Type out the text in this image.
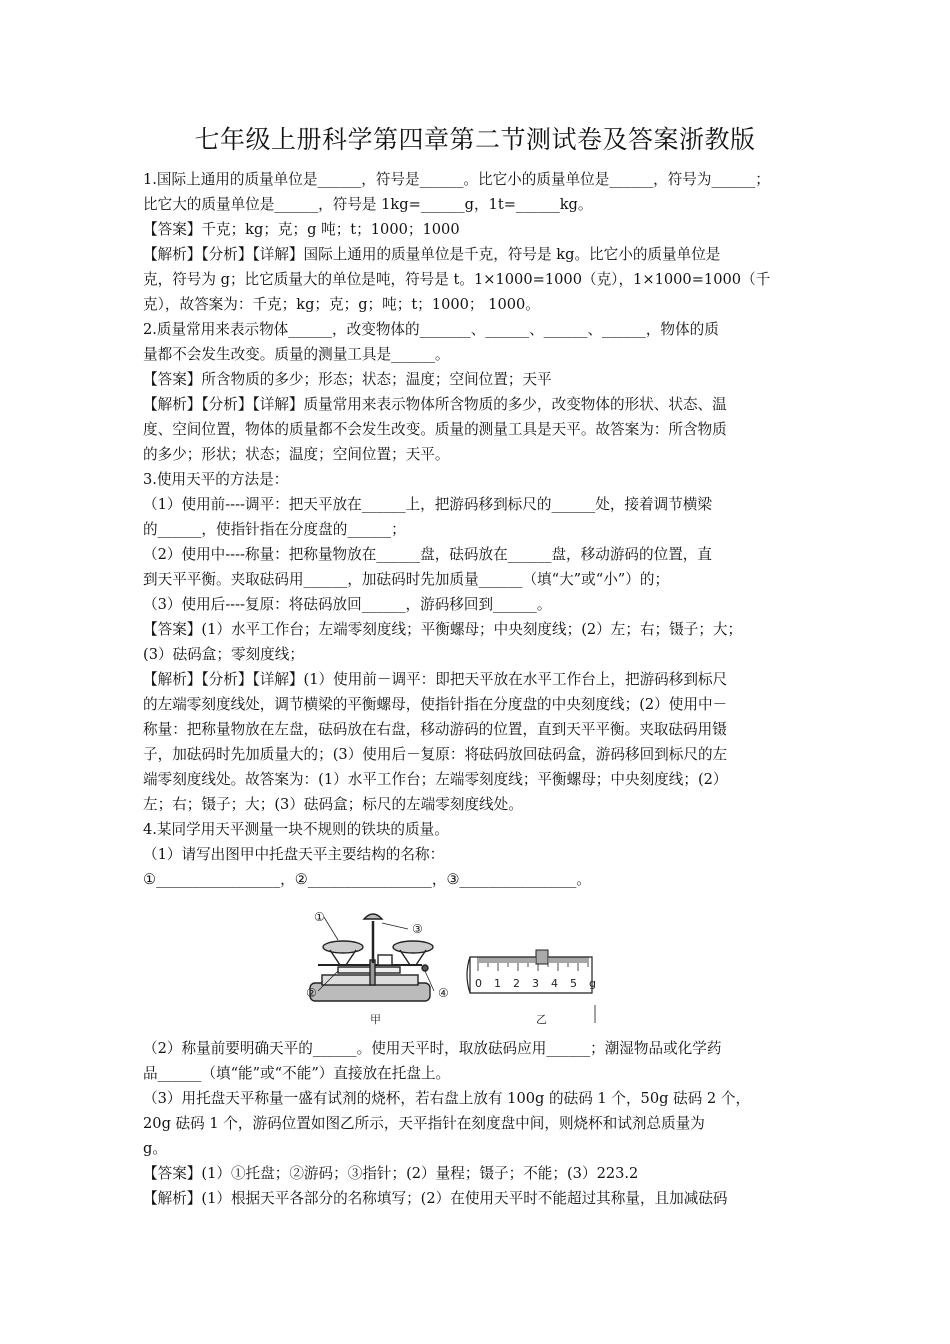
七年级上册科学第四章第二节测试卷及答案浙教版
1.国际上通用的质量单位是______，符号是______。比它小的质量单位是______，符号为______；
比它大的质量单位是______，符号是 1kg=______g，1t=______kg。
【答案】千克；kg；克；g 吨；t；1000；1000
【解析】【分析】【详解】国际上通用的质量单位是千克，符号是 kg。比它小的质量单位是
克，符号为 g；比它质量大的单位是吨，符号是 t。1×1000=1000（克），1×1000=1000（千
克），故答案为：千克；kg；克；g；吨；t；1000； 1000。
2.质量常用来表示物体______，改变物体的_______、______、______、______，物体的质
量都不会发生改变。质量的测量工具是______。
【答案】所含物质的多少；形态；状态；温度；空间位置；天平
【解析】【分析】【详解】质量常用来表示物体所含物质的多少，改变物体的形状、状态、温
度、空间位置，物体的质量都不会发生改变。质量的测量工具是天平。故答案为：所含物质
的多少；形状；状态；温度；空间位置；天平。
3.使用天平的方法是：
（1）使用前----调平：把天平放在______上，把游码移到标尺的______处，接着调节横梁
的______，使指针指在分度盘的______；
（2）使用中----称量：把称量物放在______盘，砝码放在______盘，移动游码的位置，直
到天平平衡。夹取砝码用______，加砝码时先加质量______（填“大”或“小”）的；
（3）使用后----复原：将砝码放回______，游码移回到______。
【答案】(1）水平工作台；左端零刻度线；平衡螺母；中央刻度线；(2）左；右；镊子；大；
(3）砝码盒；零刻度线；
【解析】【分析】【详解】(1）使用前－调平：即把天平放在水平工作台上，把游码移到标尺
的左端零刻度线处，调节横梁的平衡螺母，使指针指在分度盘的中央刻度线；(2）使用中－
称量：把称量物放在左盘，砝码放在右盘，移动游码的位置，直到天平平衡。夹取砝码用镊
子，加砝码时先加质量大的；(3）使用后－复原：将砝码放回砝码盒，游码移回到标尺的左
端零刻度线处。故答案为：(1）水平工作台；左端零刻度线；平衡螺母；中央刻度线；(2）
左；右；镊子；大；(3）砝码盒；标尺的左端零刻度线处。
4.某同学用天平测量一块不规则的铁块的质量。
（1）请写出图甲中托盘天平主要结构的名称：
①_________________，②_________________，③________________。
（2）称量前要明确天平的______。使用天平时，取放砝码应用______；潮湿物品或化学药
品______（填“能”或“不能”）直接放在托盘上。
（3）用托盘天平称量一盛有试剂的烧杯，若右盘上放有 100g 的砝码 1 个，50g 砝码 2 个，
20g 砝码 1 个，游码位置如图乙所示，天平指针在刻度盘中间，则烧杯和试剂总质量为
g。
【答案】(1）①托盘；②游码；③指针；(2）量程；镊子；不能；(3）223.2
【解析】(1）根据天平各部分的名称填写；(2）在使用天平时不能超过其称量，且加减砝码
①
③
②	④
甲
0 1 2 3 4 5 g
乙
